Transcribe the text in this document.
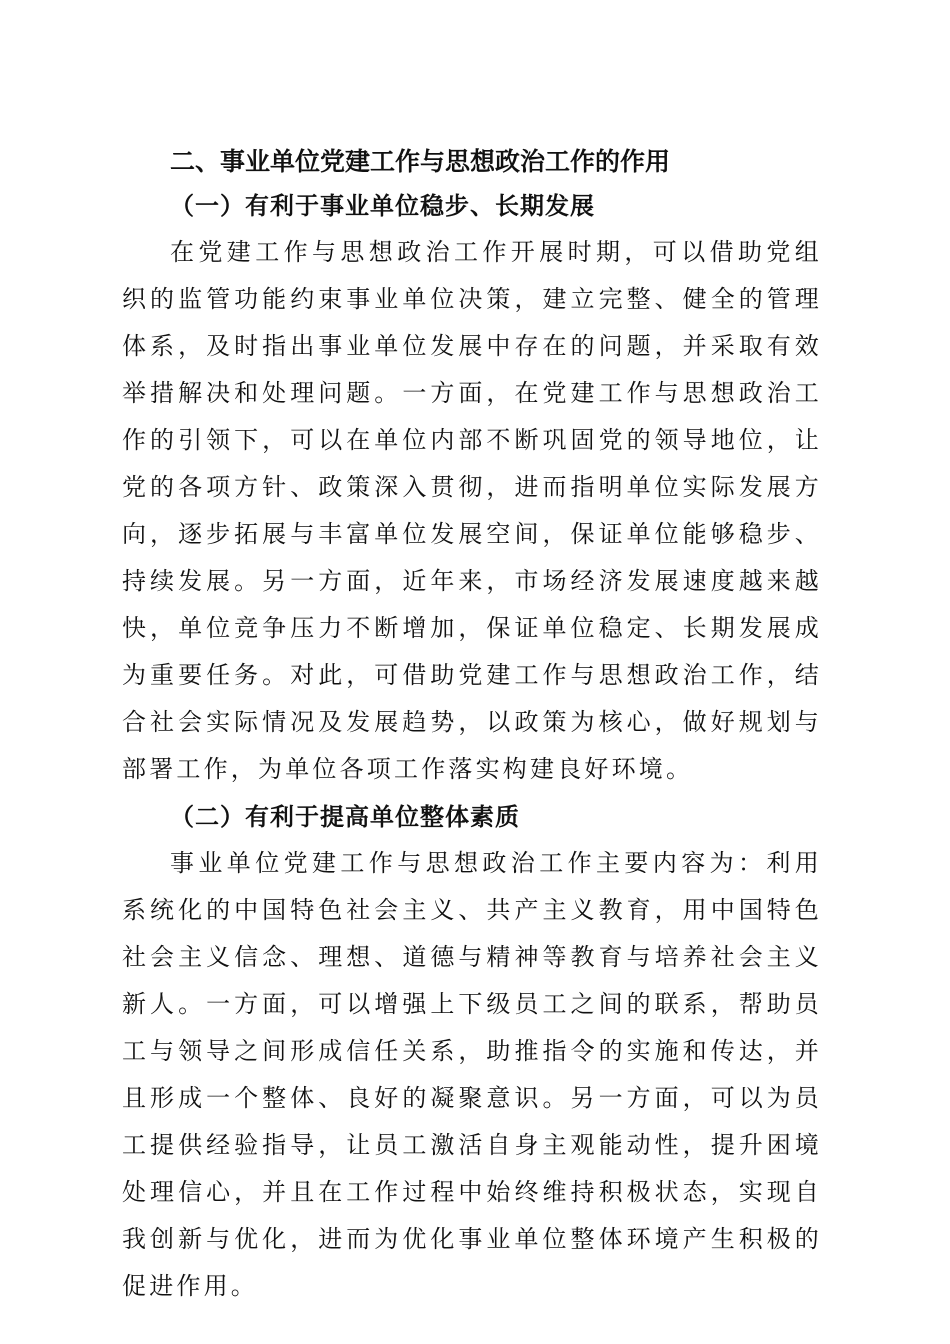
二、事业单位党建工作与思想政治工作的作用
（一）有利于事业单位稳步、长期发展

在党建工作与思想政治工作开展时期，可以借助党组织的监管功能约束事业单位决策，建立完整、健全的管理体系，及时指出事业单位发展中存在的问题，并采取有效举措解决和处理问题。一方面，在党建工作与思想政治工作的引领下，可以在单位内部不断巩固党的领导地位，让党的各项方针、政策深入贯彻，进而指明单位实际发展方向，逐步拓展与丰富单位发展空间，保证单位能够稳步、持续发展。另一方面，近年来，市场经济发展速度越来越快，单位竞争压力不断增加，保证单位稳定、长期发展成为重要任务。对此，可借助党建工作与思想政治工作，结合社会实际情况及发展趋势，以政策为核心，做好规划与部署工作，为单位各项工作落实构建良好环境。

（二）有利于提高单位整体素质

事业单位党建工作与思想政治工作主要内容为：利用系统化的中国特色社会主义、共产主义教育，用中国特色社会主义信念、理想、道德与精神等教育与培养社会主义新人。一方面，可以增强上下级员工之间的联系，帮助员工与领导之间形成信任关系，助推指令的实施和传达，并且形成一个整体、良好的凝聚意识。另一方面，可以为员工提供经验指导，让员工激活自身主观能动性，提升困境处理信心，并且在工作过程中始终维持积极状态，实现自我创新与优化，进而为优化事业单位整体环境产生积极的促进作用。
